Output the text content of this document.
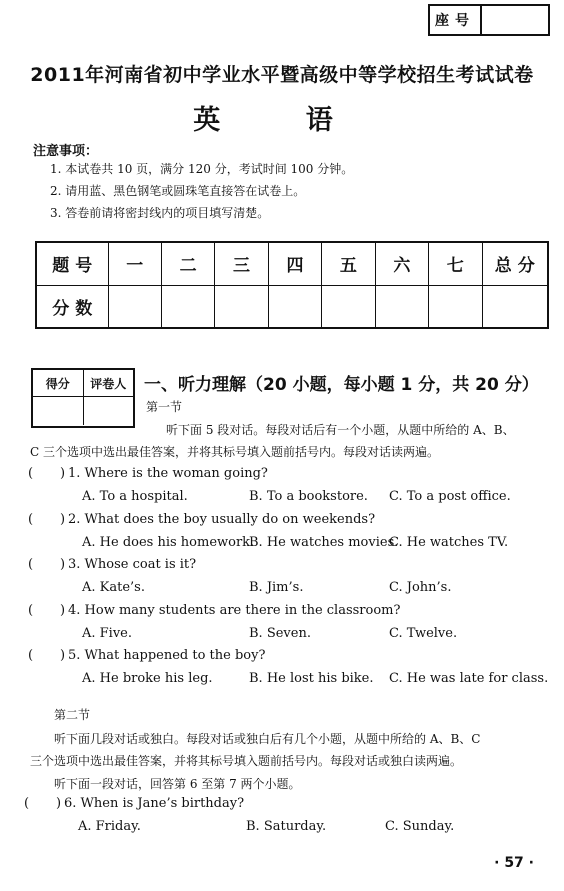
座号
2011年河南省初中学业水平暨高级中等学校招生考试试卷
英 语
注意事项：
1. 本试卷共 10 页，满分 120 分，考试时间 100 分钟。
2. 请用蓝、黑色钢笔或圆珠笔直接答在试卷上。
3. 答卷前请将密封线内的项目填写清楚。
题 号	一	二	三	四	五	六	七	总 分
分 数								
得分	评卷人	一、听力理解（20 小题，每小题 1 分，共 20 分）
第一节
听下面 5 段对话。每段对话后有一个小题，从题中所给的 A、B、
C 三个选项中选出最佳答案，并将其标号填入题前括号内。每段对话读两遍。
( ) 1. Where is the woman going?
A. To a hospital.	B. To a bookstore. C. To a post office.
( ) 2. What does the boy usually do on weekends?
A. He does his homework.
B. He watches movies.
C. He watches TV.
( ) 3. Whose coat is it?
A. Kate’s.	B. Jim’s.	C. John’s.
( ) 4. How many students are there in the classroom?
A. Five.	B. Seven.	C. Twelve.
( ) 5. What happened to the boy?
A. He broke his leg.	B. He lost his bike. C. He was late for class.
第二节
听下面几段对话或独白。每段对话或独白后有几个小题，从题中所给的 A、B、C
三个选项中选出最佳答案，并将其标号填入题前括号内。每段对话或独白读两遍。
听下面一段对话，回答第 6 至第 7 两个小题。
( ) 6. When is Jane’s birthday?
A. Friday.	B. Saturday.	C. Sunday.
· 57 ·
